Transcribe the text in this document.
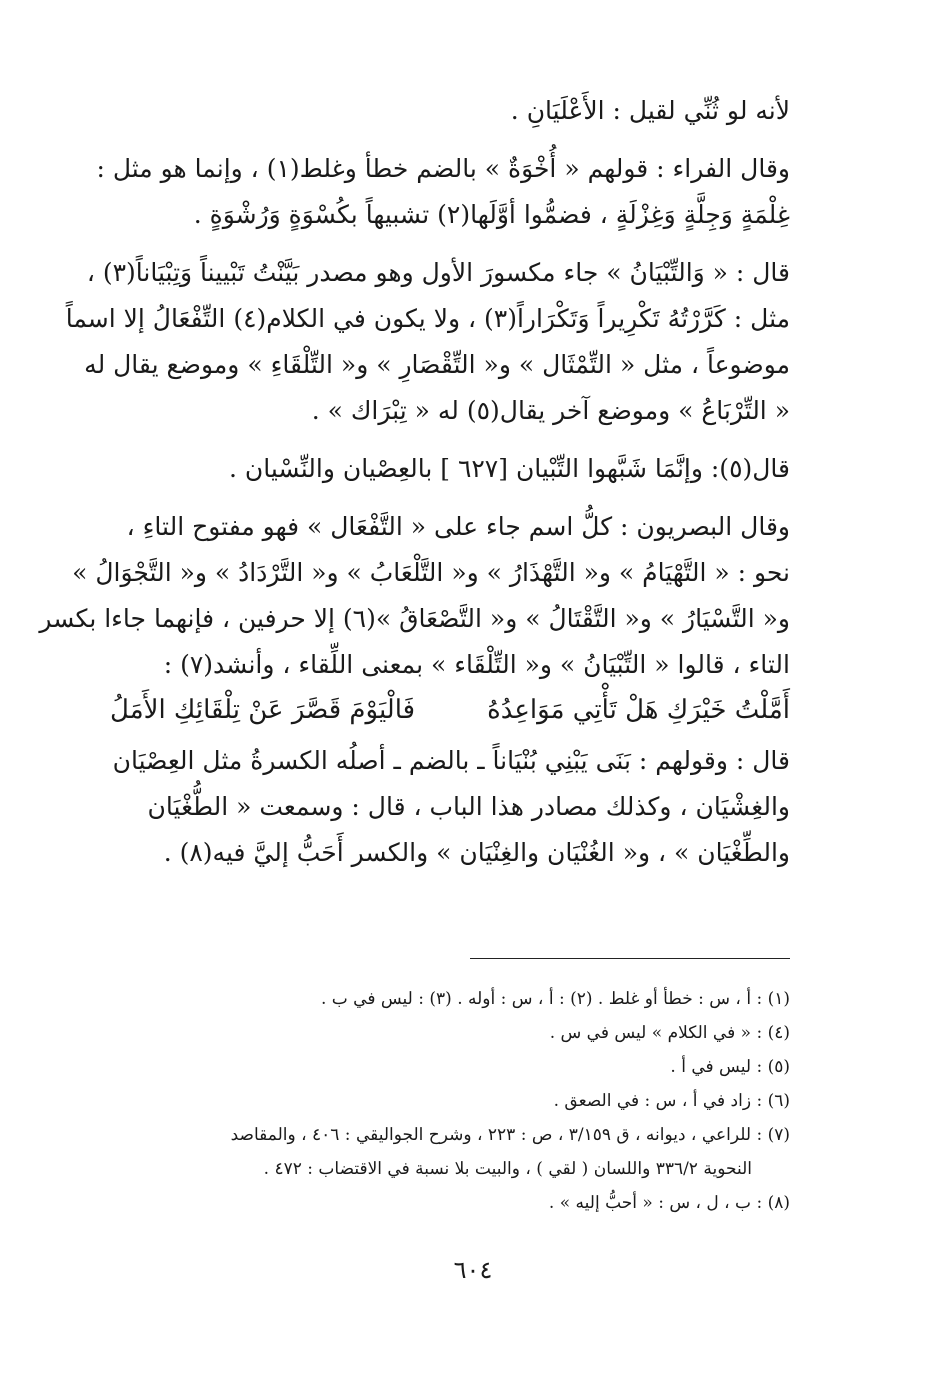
لأنه لو ثُنِّي لقيل : الأَعْلَيَانِ .
وقال الفراء : قولهم « أُخْوَةٌ » بالضم خطأ وغلط(١) ، وإنما هو مثل :
غِلْمَةٍ وَجِلَّةٍ وَغِزْلَةٍ ، فضمُّوا أوَّلَها(٢) تشبيهاً بكُسْوَةٍ وَرُشْوَةٍ .
قال : « وَالتِّبْيَانُ » جاء مكسورَ الأول وهو مصدر بَيَّنْتُ تَبْييناً وَتِبْيَاناً(٣) ،
مثل : كَرَّرْتُهُ تَكْرِيراً وَتَكْرَاراً(٣) ، ولا يكون في الكلام(٤) التِّفْعَالُ إلا اسماً
موضوعاً ، مثل « التِّمْثَال » و« التِّقْصَارِ » و« التِّلْقَاءِ » وموضع يقال له
« التِّرْبَاعُ » وموضع آخر يقال(٥) له « تِبْرَاك » .
قال(٥): وإنَّمَا شَبَّهوا التِّبْيان [٦٢٧ ] بالعِصْيان والنِّسْيان .
وقال البصريون : كلُّ اسم جاء على « التَّفْعَال » فهو مفتوح التاءِ ،
نحو : « التَّهْيَامُ » و« التَّهْذَارُ » و« التَّلْعَابُ » و« التَّرْدَادُ » و« التَّجْوَالُ »
و« التَّسْيَارُ » و« التَّقْتَالُ » و« التَّصْعَاقُ »(٦) إلا حرفين ، فإنهما جاءا بكسر
التاء ، قالوا « التِّبْيَانُ » و« التِّلْقَاء » بمعنى اللِّقاء ، وأنشد(٧) :
أَمَّلْتُ خَيْرَكِ هَلْ تَأْتِي مَوَاعِدُهُ
فَالْيَوْمَ قَصَّرَ عَنْ تِلْقَائِكِ الأَمَلُ
قال : وقولهم : بَنَى يَبْنِي بُنْيَاناً ـ بالضم ـ أصلُه الكسرةُ مثل العِصْيَان
والغِشْيَان ، وكذلك مصادر هذا الباب ، قال : وسمعت « الطُّغْيَان
والطِّغْيَان » ، و« الغُنْيَان والغِنْيَان » والكسر أَحَبُّ إليَّ فيه(٨) .
(١) : أ ، س : خطأ أو غلط . (٢) : أ ، س : أوله . (٣) : ليس في ب .
(٤) : « في الكلام » ليس في س .
(٥) : ليس في أ .
(٦) : زاد في أ ، س : في الصعق .
(٧) : للراعي ، ديوانه ، ق ٣/١٥٩ ، ص : ٢٢٣ ، وشرح الجواليقي : ٤٠٦ ، والمقاصد
النحوية ٣٣٦/٢ واللسان ( لقي ) ، والبيت بلا نسبة في الاقتضاب : ٤٧٢ .
(٨) : ب ، ل ، س : « أحبُّ إليه » .
٦٠٤
